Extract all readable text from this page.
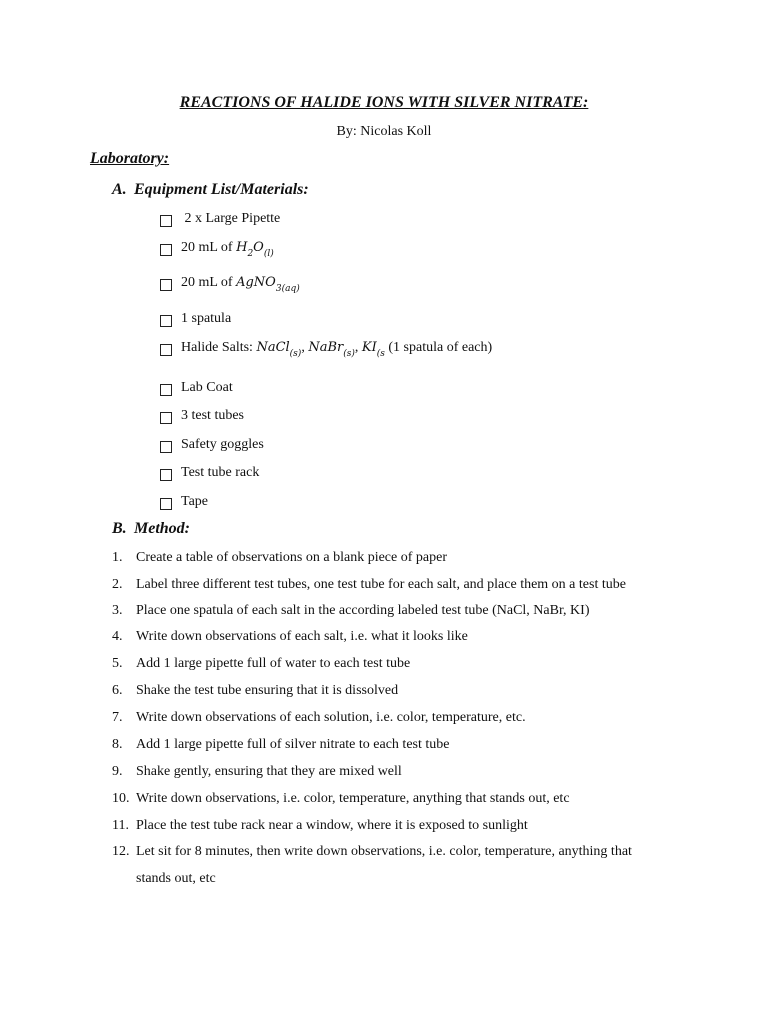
REACTIONS OF HALIDE IONS WITH SILVER NITRATE:
By: Nicolas Koll
Laboratory:
A. Equipment List/Materials:
2 x Large Pipette
20 mL of $H_2O_{(l)}$
20 mL of AgNO$_{3(aq)}$
1 spatula
Halide Salts: NaCl$_{(s)}$, NaBr$_{(s)}$, $KI_{(s}$ (1 spatula of each)
Lab Coat
3 test tubes
Safety goggles
Test tube rack
Tape
B. Method:
1. Create a table of observations on a blank piece of paper
2. Label three different test tubes, one test tube for each salt, and place them on a test tube
3. Place one spatula of each salt in the according labeled test tube (NaCl, NaBr, KI)
4. Write down observations of each salt, i.e. what it looks like
5. Add 1 large pipette full of water to each test tube
6. Shake the test tube ensuring that it is dissolved
7. Write down observations of each solution, i.e. color, temperature, etc.
8. Add 1 large pipette full of silver nitrate to each test tube
9. Shake gently, ensuring that they are mixed well
10. Write down observations, i.e. color, temperature, anything that stands out, etc
11. Place the test tube rack near a window, where it is exposed to sunlight
12. Let sit for 8 minutes, then write down observations, i.e. color, temperature, anything that
stands out, etc
